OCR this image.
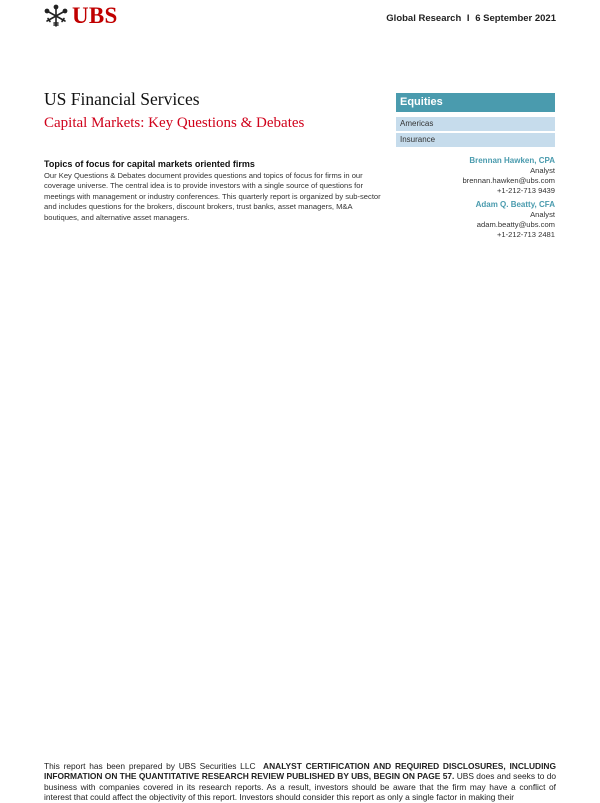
UBS	Global Research I 6 September 2021
US Financial Services
Capital Markets: Key Questions & Debates
Equities
Americas
Insurance
Topics of focus for capital markets oriented firms

Our Key Questions & Debates document provides questions and topics of focus for firms in our coverage universe. The central idea is to provide investors with a single source of questions for meetings with management or industry conferences. This quarterly report is organized by sub-sector and includes questions for the brokers, discount brokers, trust banks, asset managers, M&A boutiques, and alternative asset managers.

Brennan Hawken, CPA
Analyst
brennan.hawken@ubs.com
+1-212-713 9439
Adam Q. Beatty, CFA
Analyst
adam.beatty@ubs.com
+1-212-713 2481

This report has been prepared by UBS Securities LLC ANALYST CERTIFICATION AND REQUIRED DISCLOSURES, INCLUDING INFORMATION ON THE QUANTITATIVE RESEARCH REVIEW PUBLISHED BY UBS, BEGIN ON PAGE 57. UBS does and seeks to do business with companies covered in its research reports. As a result, investors should be aware that the firm may have a conflict of interest that could affect the objectivity of this report. Investors should consider this report as only a single factor in making their
